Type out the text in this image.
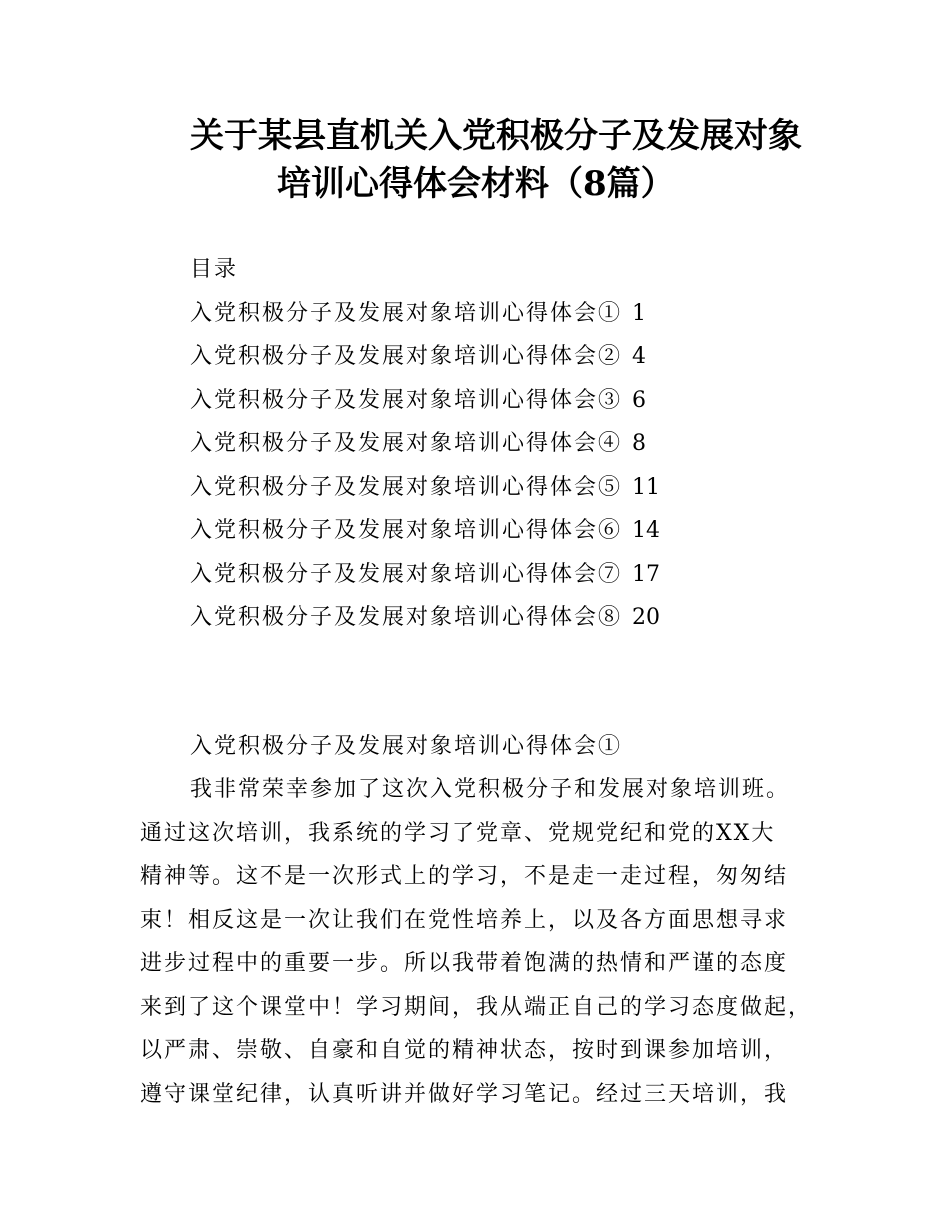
关于某县直机关入党积极分子及发展对象
培训心得体会材料（8篇）
目录
入党积极分子及发展对象培训心得体会① 1
入党积极分子及发展对象培训心得体会② 4
入党积极分子及发展对象培训心得体会③ 6
入党积极分子及发展对象培训心得体会④ 8
入党积极分子及发展对象培训心得体会⑤ 11
入党积极分子及发展对象培训心得体会⑥ 14
入党积极分子及发展对象培训心得体会⑦ 17
入党积极分子及发展对象培训心得体会⑧ 20
入党积极分子及发展对象培训心得体会①
我非常荣幸参加了这次入党积极分子和发展对象培训班。
通过这次培训，我系统的学习了党章、党规党纪和党的XX大
精神等。这不是一次形式上的学习，不是走一走过程，匆匆结
束！相反这是一次让我们在党性培养上，以及各方面思想寻求
进步过程中的重要一步。所以我带着饱满的热情和严谨的态度
来到了这个课堂中！学习期间，我从端正自己的学习态度做起，
以严肃、崇敬、自豪和自觉的精神状态，按时到课参加培训，
遵守课堂纪律，认真听讲并做好学习笔记。经过三天培训，我
